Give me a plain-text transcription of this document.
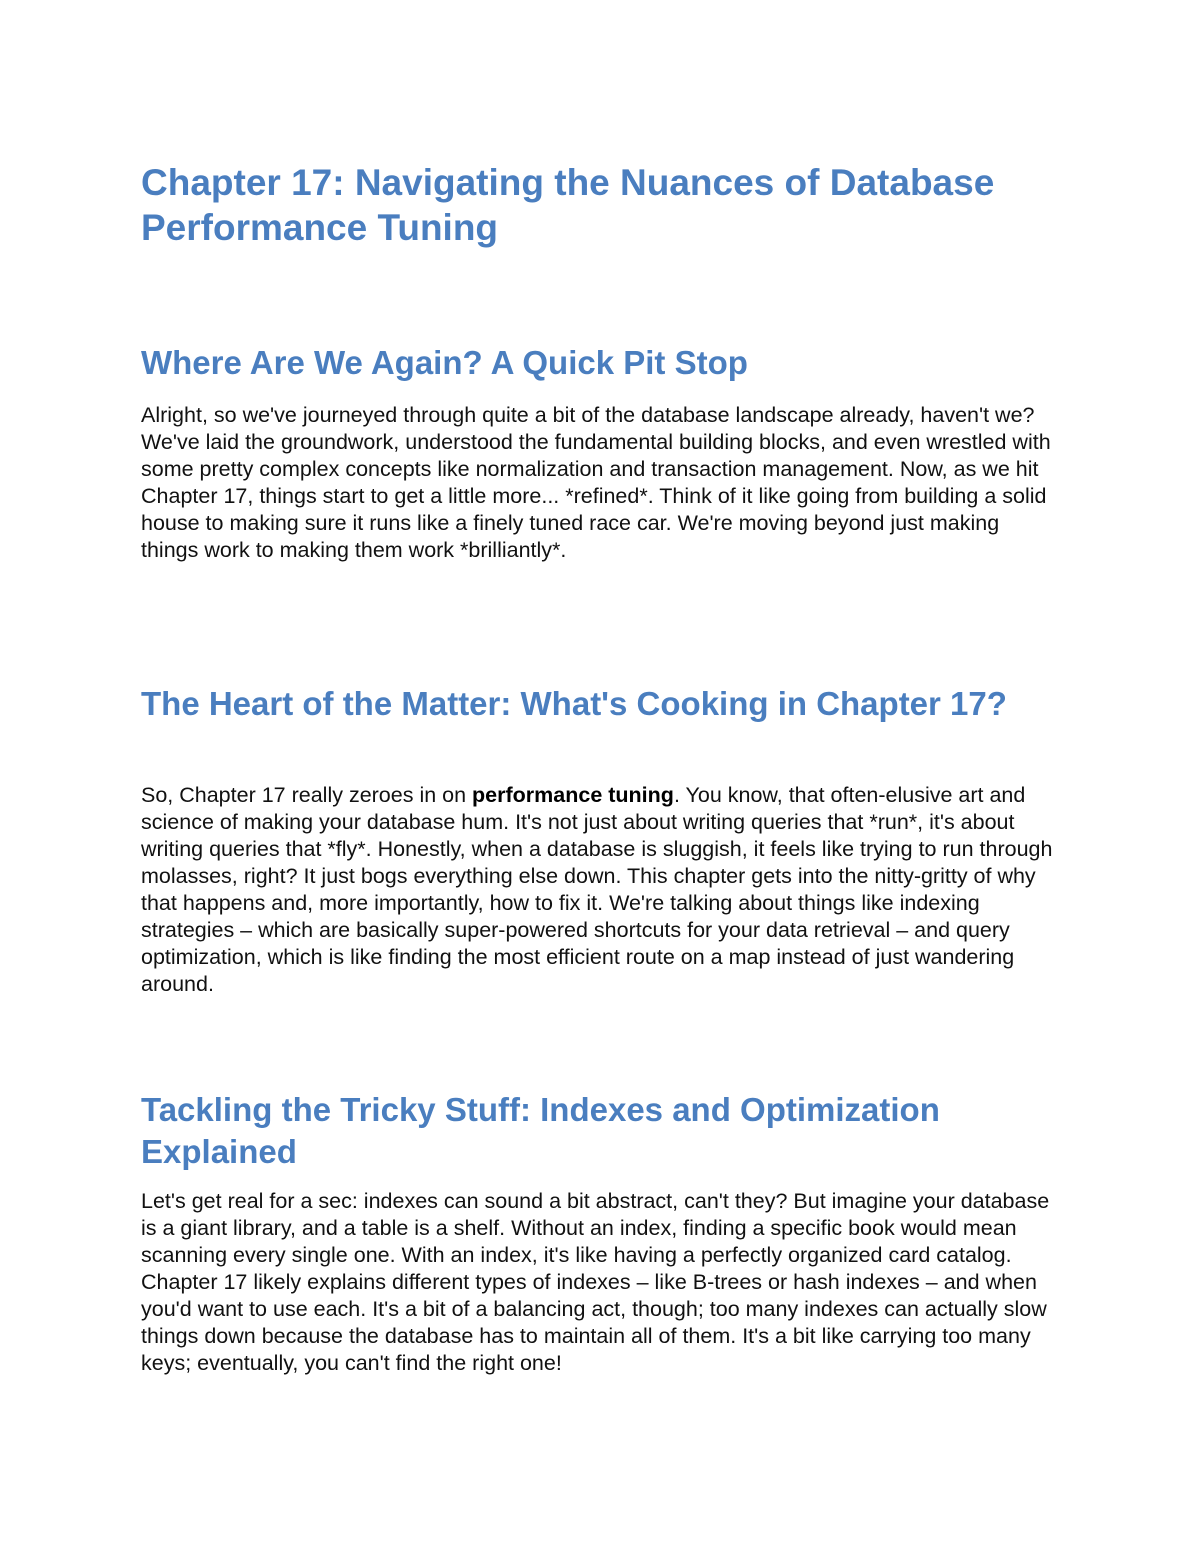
Chapter 17: Navigating the Nuances of Database Performance Tuning
Where Are We Again? A Quick Pit Stop

Alright, so we've journeyed through quite a bit of the database landscape already, haven't we? We've laid the groundwork, understood the fundamental building blocks, and even wrestled with some pretty complex concepts like normalization and transaction management. Now, as we hit Chapter 17, things start to get a little more... *refined*. Think of it like going from building a solid house to making sure it runs like a finely tuned race car. We're moving beyond just making things work to making them work *brilliantly*.

The Heart of the Matter: What's Cooking in Chapter 17?

So, Chapter 17 really zeroes in on performance tuning. You know, that often-elusive art and science of making your database hum. It's not just about writing queries that *run*, it's about writing queries that *fly*. Honestly, when a database is sluggish, it feels like trying to run through molasses, right? It just bogs everything else down. This chapter gets into the nitty-gritty of why that happens and, more importantly, how to fix it. We're talking about things like indexing strategies – which are basically super-powered shortcuts for your data retrieval – and query optimization, which is like finding the most efficient route on a map instead of just wandering around.

Tackling the Tricky Stuff: Indexes and Optimization Explained

Let's get real for a sec: indexes can sound a bit abstract, can't they? But imagine your database is a giant library, and a table is a shelf. Without an index, finding a specific book would mean scanning every single one. With an index, it's like having a perfectly organized card catalog. Chapter 17 likely explains different types of indexes – like B-trees or hash indexes – and when you'd want to use each. It's a bit of a balancing act, though; too many indexes can actually slow things down because the database has to maintain all of them. It's a bit like carrying too many keys; eventually, you can't find the right one!
